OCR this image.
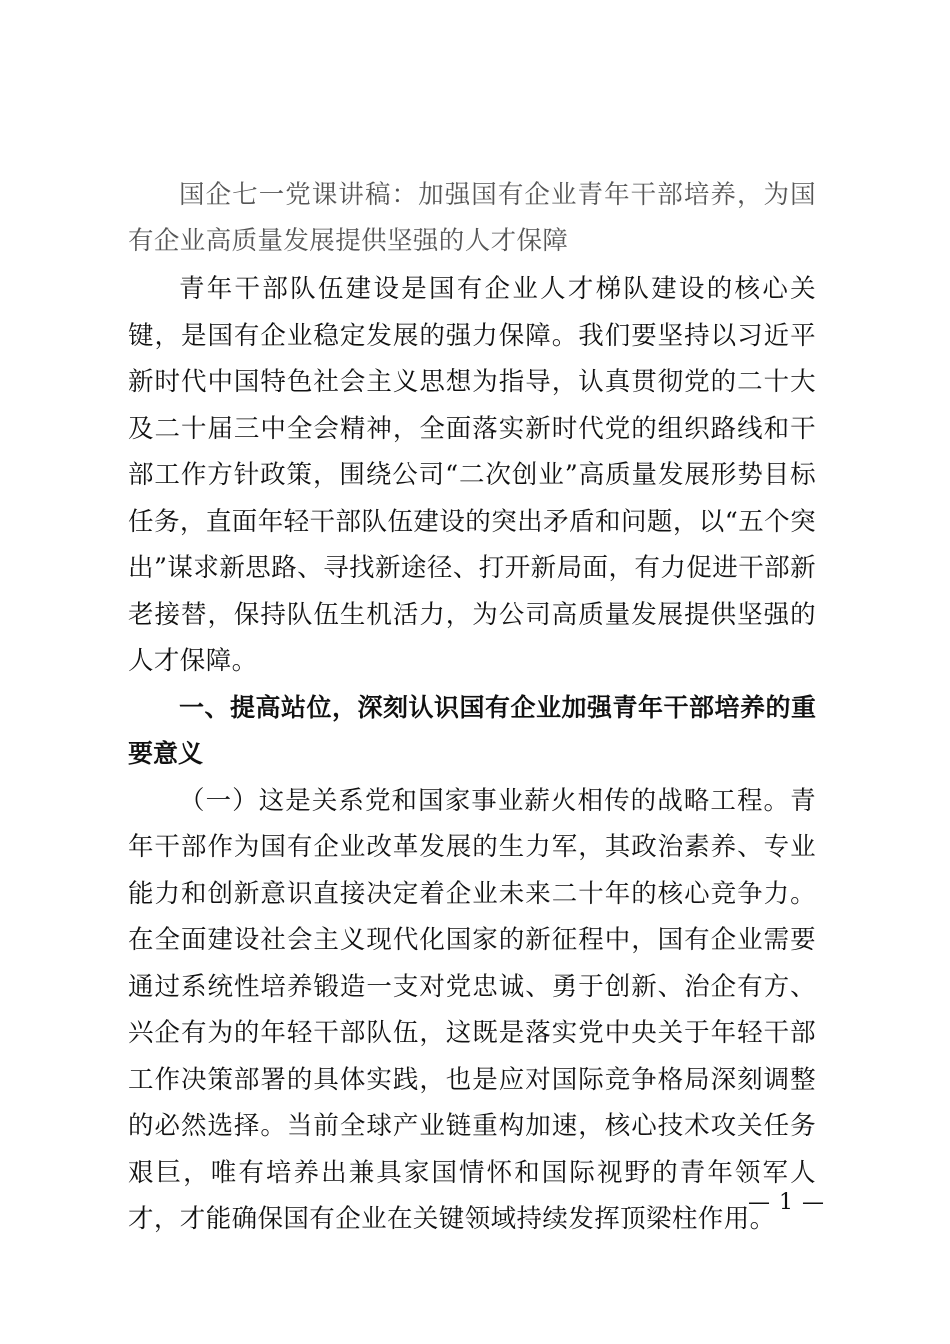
国企七一党课讲稿：加强国有企业青年干部培养，为国有企业高质量发展提供坚强的人才保障

青年干部队伍建设是国有企业人才梯队建设的核心关键，是国有企业稳定发展的强力保障。我们要坚持以习近平新时代中国特色社会主义思想为指导，认真贯彻党的二十大及二十届三中全会精神，全面落实新时代党的组织路线和干部工作方针政策，围绕公司“二次创业”高质量发展形势目标任务，直面年轻干部队伍建设的突出矛盾和问题，以“五个突出”谋求新思路、寻找新途径、打开新局面，有力促进干部新老接替，保持队伍生机活力，为公司高质量发展提供坚强的人才保障。

一、提高站位，深刻认识国有企业加强青年干部培养的重要意义

（一）这是关系党和国家事业薪火相传的战略工程。青年干部作为国有企业改革发展的生力军，其政治素养、专业能力和创新意识直接决定着企业未来二十年的核心竞争力。在全面建设社会主义现代化国家的新征程中，国有企业需要通过系统性培养锻造一支对党忠诚、勇于创新、治企有方、兴企有为的年轻干部队伍，这既是落实党中央关于年轻干部工作决策部署的具体实践，也是应对国际竞争格局深刻调整的必然选择。当前全球产业链重构加速，核心技术攻关任务艰巨，唯有培养出兼具家国情怀和国际视野的青年领军人才，才能确保国有企业在关键领域持续发挥顶梁柱作用。

— 1 —
